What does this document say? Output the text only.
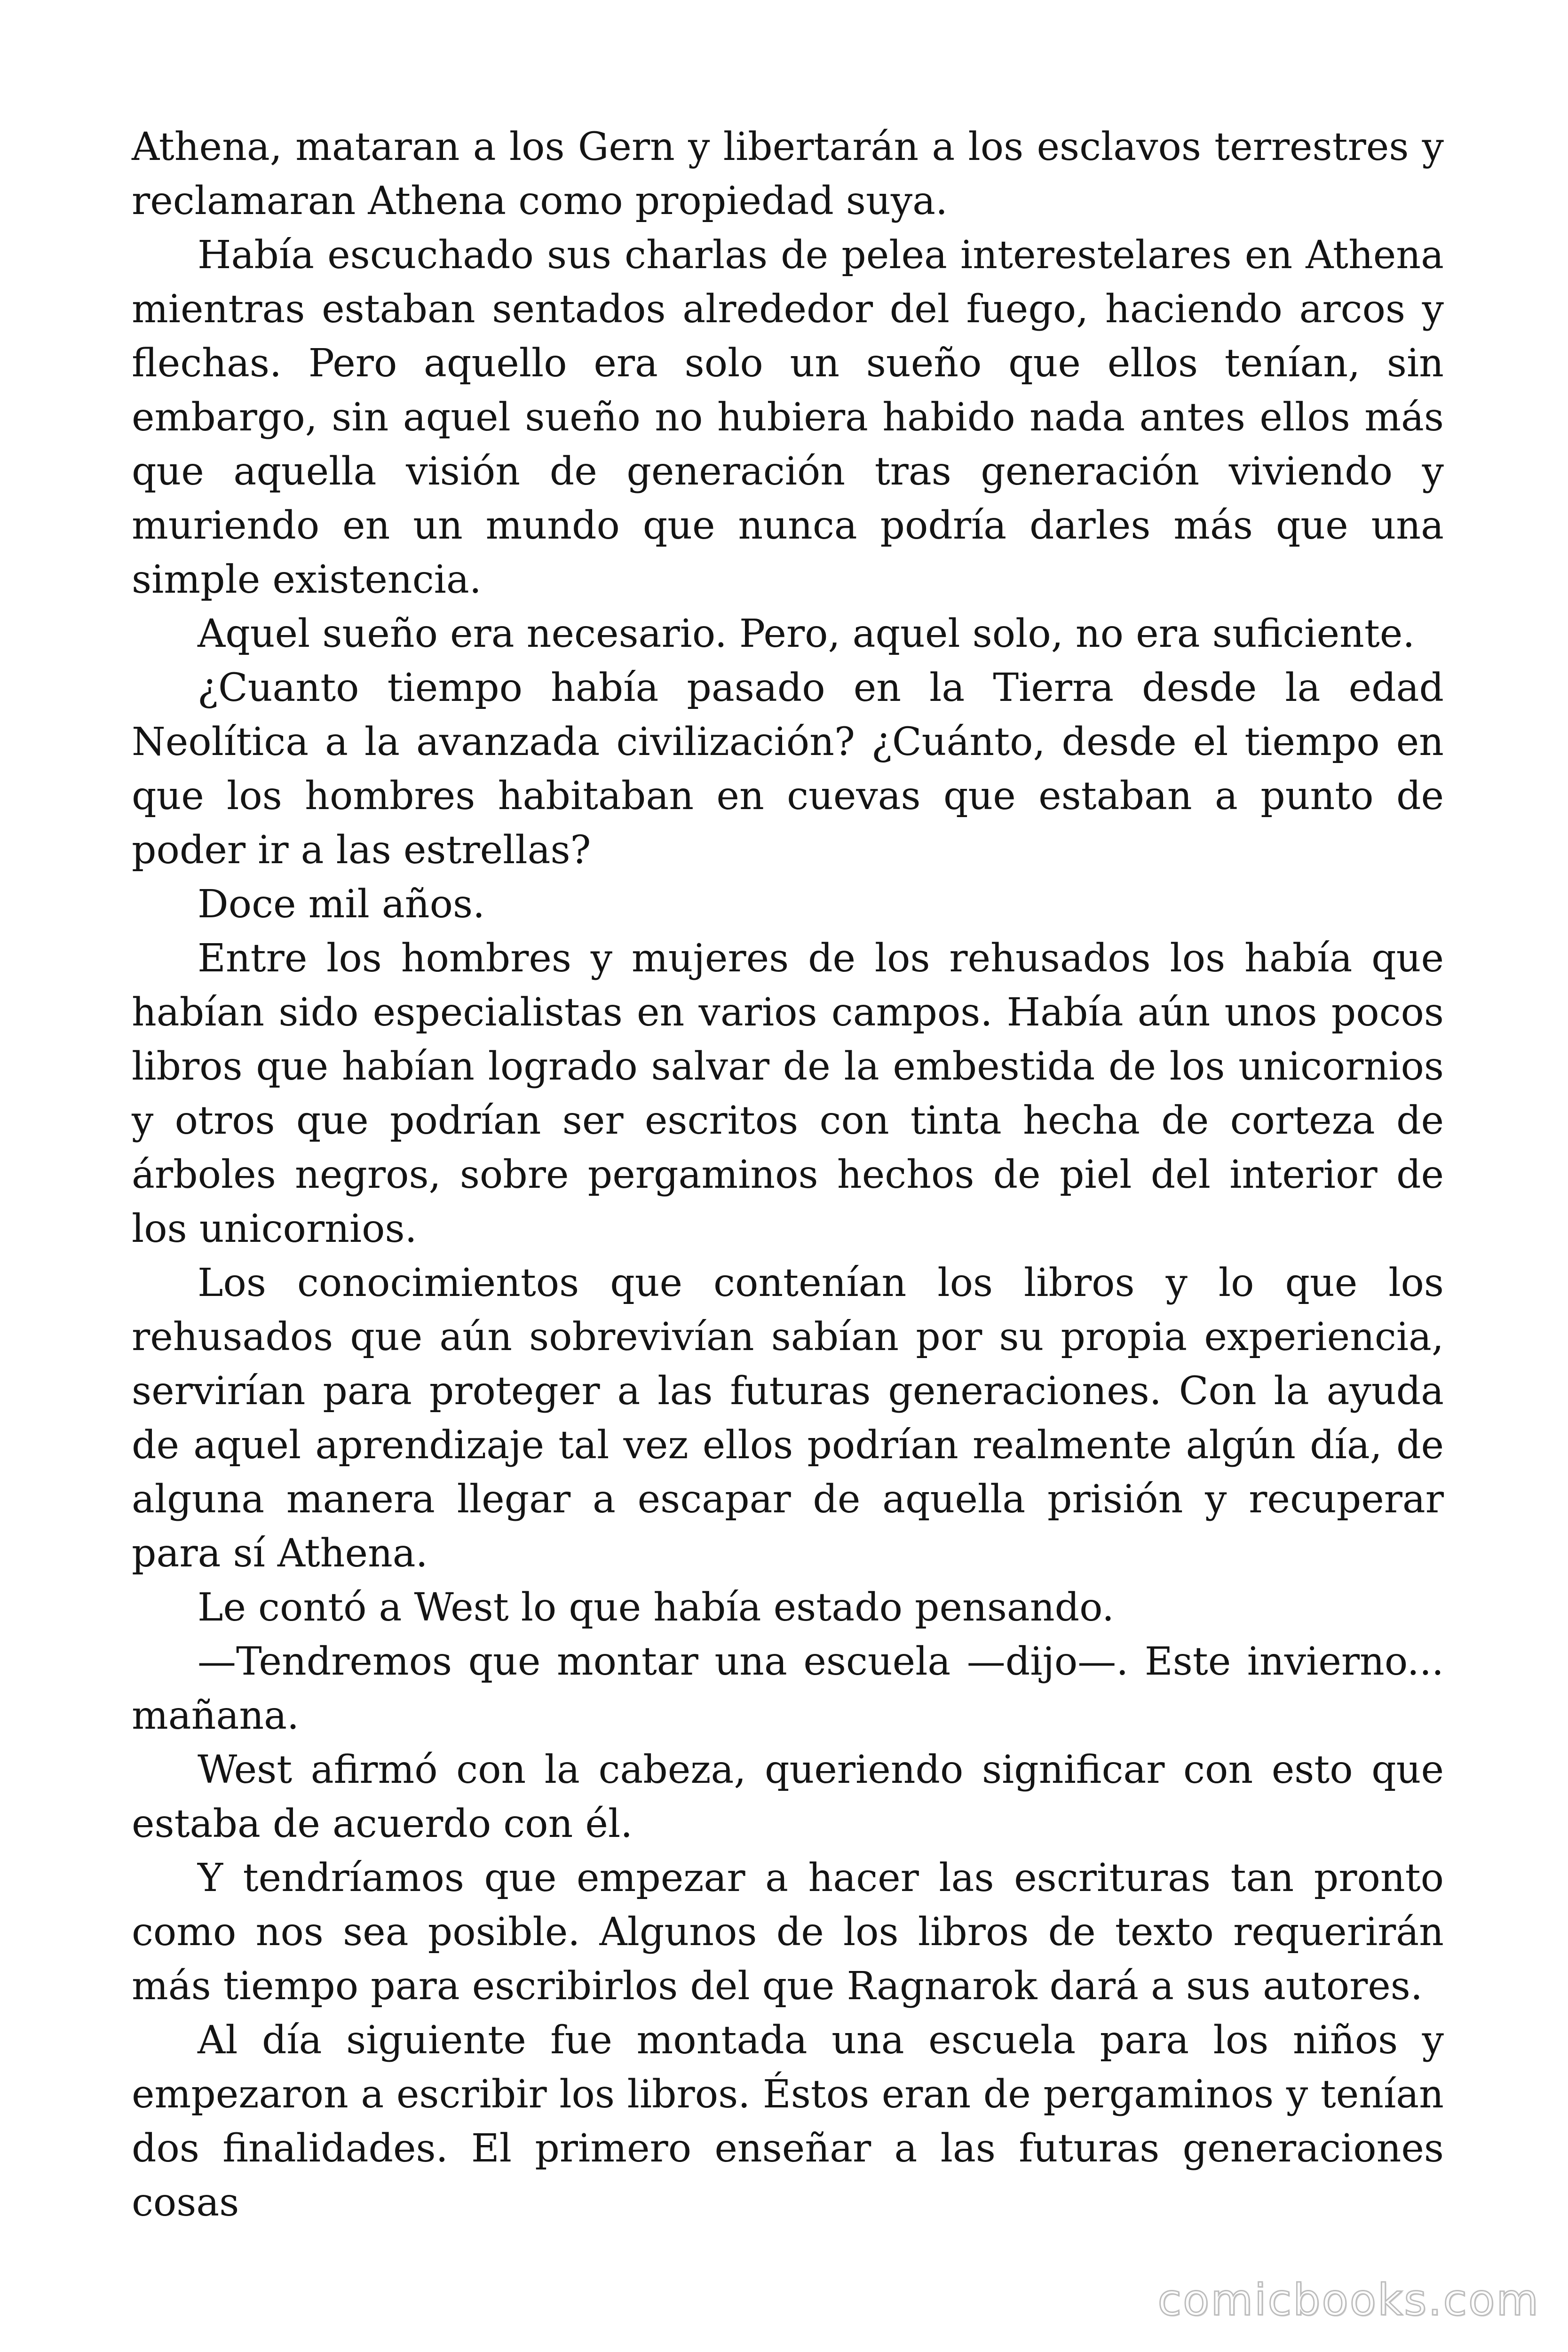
Athena, mataran a los Gern y libertarán a los esclavos terrestres y reclamaran Athena como propiedad suya.

Había escuchado sus charlas de pelea interestelares en Athena mientras estaban sentados alrededor del fuego, haciendo arcos y flechas. Pero aquello era solo un sueño que ellos tenían, sin embargo, sin aquel sueño no hubiera habido nada antes ellos más que aquella visión de generación tras generación viviendo y muriendo en un mundo que nunca podría darles más que una simple existencia.

Aquel sueño era necesario. Pero, aquel solo, no era suficiente.

¿Cuanto tiempo había pasado en la Tierra desde la edad Neolítica a la avanzada civilización? ¿Cuánto, desde el tiempo en que los hombres habitaban en cuevas que estaban a punto de poder ir a las estrellas?

Doce mil años.

Entre los hombres y mujeres de los rehusados los había que habían sido especialistas en varios campos. Había aún unos pocos libros que habían logrado salvar de la embestida de los unicornios y otros que podrían ser escritos con tinta hecha de corteza de árboles negros, sobre pergaminos hechos de piel del interior de los unicornios.

Los conocimientos que contenían los libros y lo que los rehusados que aún sobrevivían sabían por su propia experiencia, servirían para proteger a las futuras generaciones. Con la ayuda de aquel aprendizaje tal vez ellos podrían realmente algún día, de alguna manera llegar a escapar de aquella prisión y recuperar para sí Athena.

Le contó a West lo que había estado pensando.

—Tendremos que montar una escuela —dijo—. Este invierno... mañana.

West afirmó con la cabeza, queriendo significar con esto que estaba de acuerdo con él.

Y tendríamos que empezar a hacer las escrituras tan pronto como nos sea posible. Algunos de los libros de texto requerirán más tiempo para escribirlos del que Ragnarok dará a sus autores.

Al día siguiente fue montada una escuela para los niños y empezaron a escribir los libros. Éstos eran de pergaminos y tenían dos finalidades. El primero enseñar a las futuras generaciones cosas

comicbooks.com
